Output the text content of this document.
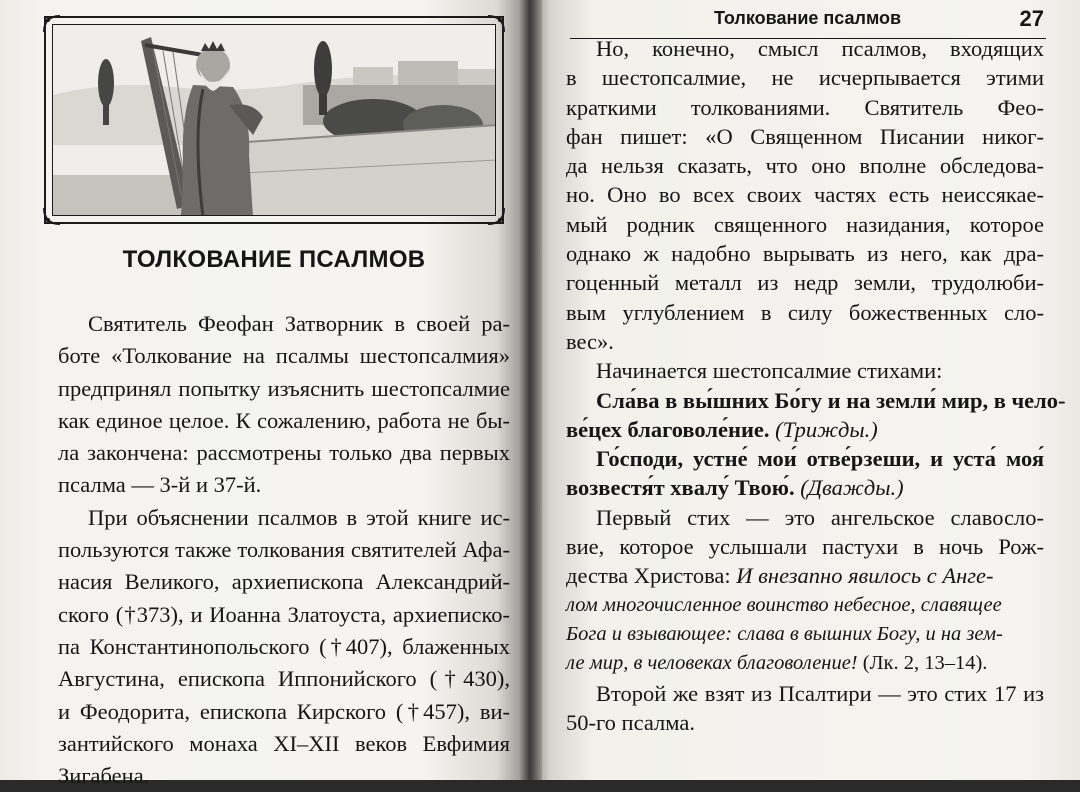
ТОЛКОВАНИЕ ПСАЛМОВ
Святитель Феофан Затворник в своей ра-
боте «Толкование на псалмы шестопсалмия»
предпринял попытку изъяснить шестопсалмие
как единое целое. К сожалению, работа не бы-
ла закончена: рассмотрены только два первых
псалма — 3-й и 37-й.
При объяснении псалмов в этой книге ис-
пользуются также толкования святителей Афа-
насия Великого, архиепископа Александрий-
ского (†373), и Иоанна Златоуста, архиеписко-
па Константинопольского (†407), блаженных
Августина, епископа Иппонийского (†430),
и Феодорита, епископа Кирского (†457), ви-
зантийского монаха XI–XII веков Евфимия
Зигабена.
Толкование псалмов	27
Но, конечно, смысл псалмов, входящих
в шестопсалмие, не исчерпывается этими
краткими толкованиями. Святитель Фео-
фан пишет: «О Священном Писании никог-
да нельзя сказать, что оно вполне обследова-
но. Оно во всех своих частях есть неиссякае-
мый родник священного назидания, которое
однако ж надобно вырывать из него, как дра-
гоценный металл из недр земли, трудолюби-
вым углублением в силу божественных сло-
вес».
Начинается шестопсалмие стихами:
Сла́ва в вы́шних Бо́гу и на земли́ мир, в чело-
ве́цех благоволе́ние. (Трижды.)
Го́споди, устне́ мои́ отве́рзеши, и уста́ моя́
возвестя́т хвалу́ Твою́. (Дважды.)
Первый стих — это ангельское славосло-
вие, которое услышали пастухи в ночь Рож-
дества Христова: И внезапно явилось с Анге-
лом многочисленное воинство небесное, славящее
Бога и взывающее: слава в вышних Богу, и на зем-
ле мир, в человеках благоволение! (Лк. 2, 13–14).
Второй же взят из Псалтири — это стих 17 из
50-го псалма.
